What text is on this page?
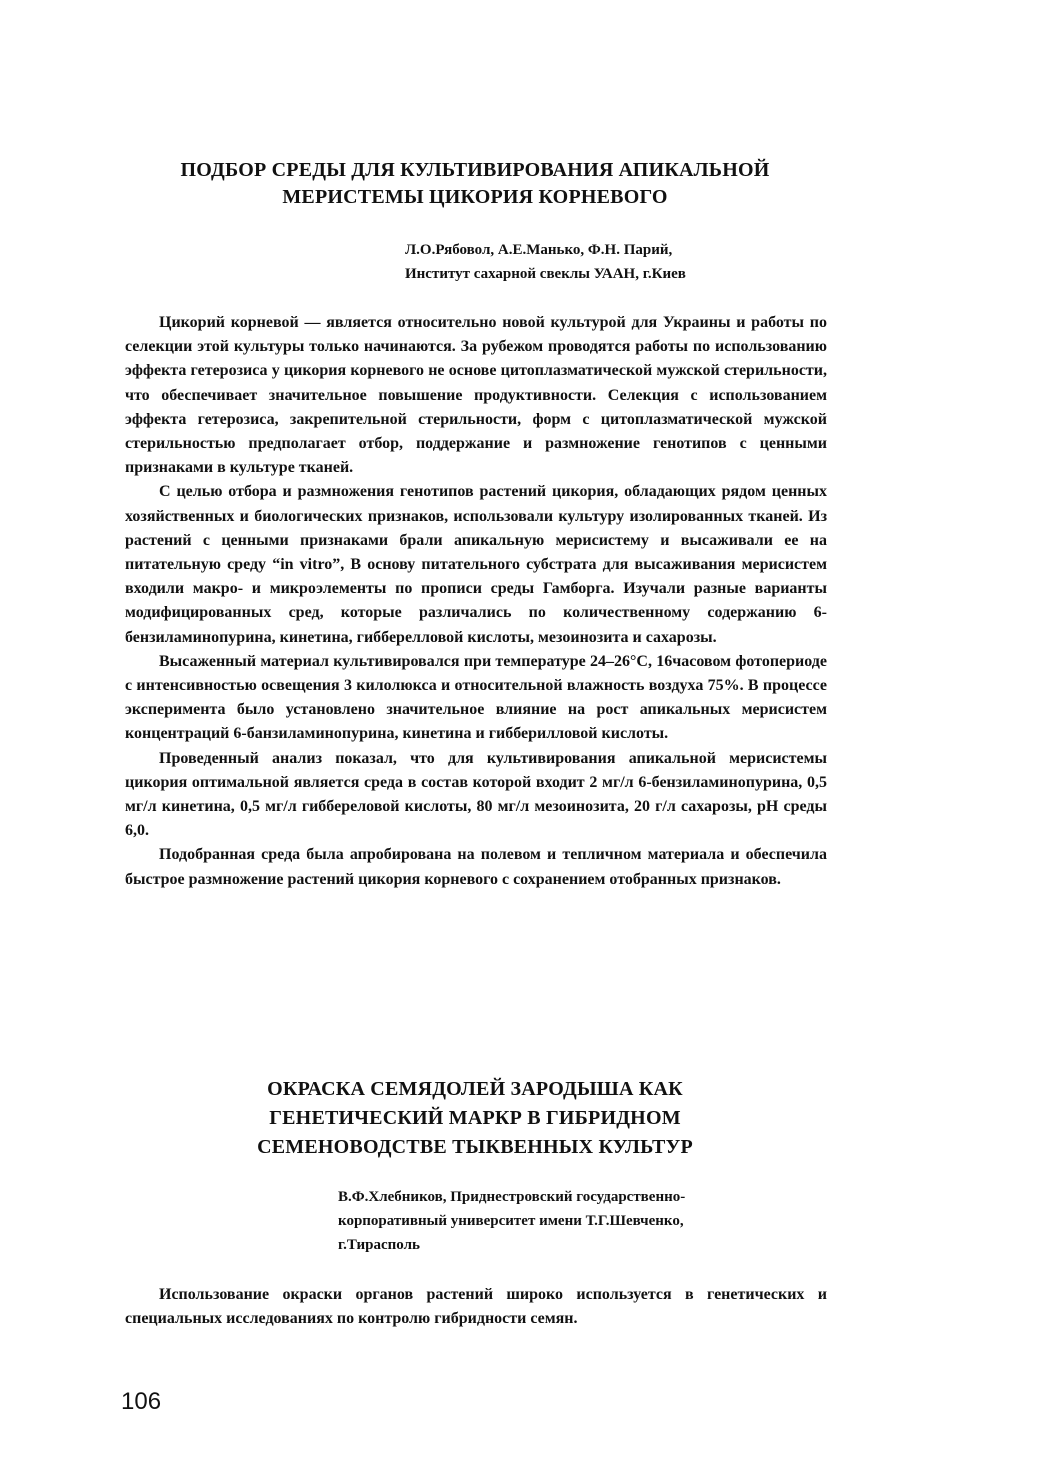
ПОДБОР СРЕДЫ ДЛЯ КУЛЬТИВИРОВАНИЯ АПИКАЛЬНОЙ
МЕРИСТЕМЫ ЦИКОРИЯ КОРНЕВОГО
Л.О.Рябовол, А.Е.Манько, Ф.Н. Парий,
Институт сахарной свеклы УААН, г.Киев

Цикорий корневой — является относительно новой культурой для Украины и работы по селекции этой культуры только начинаются. За рубежом проводятся работы по использованию эффекта гетерозиса у цикория корневого не основе цитоплазматической мужской стерильности, что обеспечивает значительное повышение продуктивности. Селекция с использованием эффекта гетерозиса, закрепительной стерильности, форм с цитоплазматической мужской стерильностью предполагает отбор, поддержание и размножение генотипов с ценными признаками в культуре тканей.

С целью отбора и размножения генотипов растений цикория, обладающих рядом ценных хозяйственных и биологических признаков, использовали культуру изолированных тканей. Из растений с ценными признаками брали апикальную мерисистему и высаживали ее на питательную среду “in vitro”, В основу питательного субстрата для высаживания мерисистем входили макро- и микроэлементы по прописи среды Гамборга. Изучали разные варианты модифицированных сред, которые различались по количественному содержанию 6-бензиламинопурина, кинетина, гибберелловой кислоты, мезоинозита и сахарозы.

Высаженный материал культивировался при температуре 24–26°С, 16часовом фотопериоде с интенсивностью освещения 3 килолюкса и относительной влажность воздуха 75%. В процессе эксперимента было установлено значительное влияние на рост апикальных мерисистем концентраций 6-банзиламинопурина, кинетина и гибберилловой кислоты.

Проведенный анализ показал, что для культивирования апикальной мерисистемы цикория оптимальной является среда в состав которой входит 2 мг/л 6-бензиламинопурина, 0,5 мг/л кинетина, 0,5 мг/л гиббереловой кислоты, 80 мг/л мезоинозита, 20 г/л сахарозы, pH среды 6,0.

Подобранная среда была апробирована на полевом и тепличном материала и обеспечила быстрое размножение растений цикория корневого с сохранением отобранных признаков.

ОКРАСКА СЕМЯДОЛЕЙ ЗАРОДЫША КАК
ГЕНЕТИЧЕСКИЙ МАРКР В ГИБРИДНОМ
СЕМЕНОВОДСТВЕ ТЫКВЕННЫХ КУЛЬТУР
В.Ф.Хлебников, Приднестровский государственно-
корпоративный университет имени Т.Г.Шевченко,
г.Тирасполь

Использование окраски органов растений широко используется в генетических и специальных исследованиях по контролю гибридности семян.

106
